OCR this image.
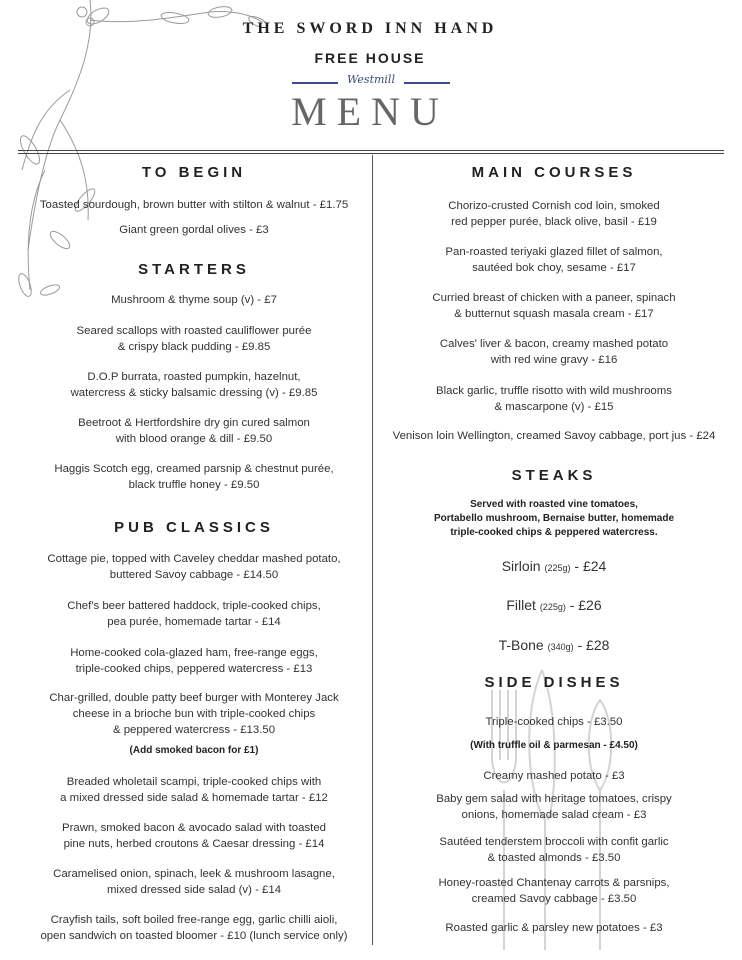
THE SWORD INN HAND
FREE HOUSE
Westmill
MENU
TO BEGIN
Toasted sourdough, brown butter with stilton & walnut - £1.75
Giant green gordal olives - £3
STARTERS
Mushroom & thyme soup (v) - £7
Seared scallops with roasted cauliflower purée
& crispy black pudding - £9.85
D.O.P burrata, roasted pumpkin, hazelnut,
watercress & sticky balsamic dressing (v) - £9.85
Beetroot & Hertfordshire dry gin cured salmon
with blood orange & dill - £9.50
Haggis Scotch egg, creamed parsnip & chestnut purée,
black truffle honey - £9.50
PUB CLASSICS
Cottage pie, topped with Caveley cheddar mashed potato,
buttered Savoy cabbage - £14.50
Chef's beer battered haddock, triple-cooked chips,
pea purée, homemade tartar - £14
Home-cooked cola-glazed ham, free-range eggs,
triple-cooked chips, peppered watercress - £13
Char-grilled, double patty beef burger with Monterey Jack
cheese in a brioche bun with triple-cooked chips
& peppered watercress - £13.50
(Add smoked bacon for £1)
Breaded wholetail scampi, triple-cooked chips with
a mixed dressed side salad & homemade tartar - £12
Prawn, smoked bacon & avocado salad with toasted
pine nuts, herbed croutons & Caesar dressing - £14
Caramelised onion, spinach, leek & mushroom lasagne,
mixed dressed side salad (v) - £14
Crayfish tails, soft boiled free-range egg, garlic chilli aioli,
open sandwich on toasted bloomer - £10 (lunch service only)
MAIN COURSES
Chorizo-crusted Cornish cod loin, smoked
red pepper purée, black olive, basil - £19
Pan-roasted teriyaki glazed fillet of salmon,
sautéed bok choy, sesame - £17
Curried breast of chicken with a paneer, spinach
& butternut squash masala cream - £17
Calves' liver & bacon, creamy mashed potato
with red wine gravy - £16
Black garlic, truffle risotto with wild mushrooms
& mascarpone (v) - £15
Venison loin Wellington, creamed Savoy cabbage, port jus - £24
STEAKS
Served with roasted vine tomatoes,
Portabello mushroom, Bernaise butter, homemade
triple-cooked chips & peppered watercress.
Sirloin (225g) - £24
Fillet (225g) - £26
T-Bone (340g) - £28
SIDE DISHES
Triple-cooked chips - £3.50
(With truffle oil & parmesan - £4.50)
Creamy mashed potato - £3
Baby gem salad with heritage tomatoes, crispy
onions, homemade salad cream - £3
Sautéed tenderstem broccoli with confit garlic
& toasted almonds - £3.50
Honey-roasted Chantenay carrots & parsnips,
creamed Savoy cabbage - £3.50
Roasted garlic & parsley new potatoes - £3
